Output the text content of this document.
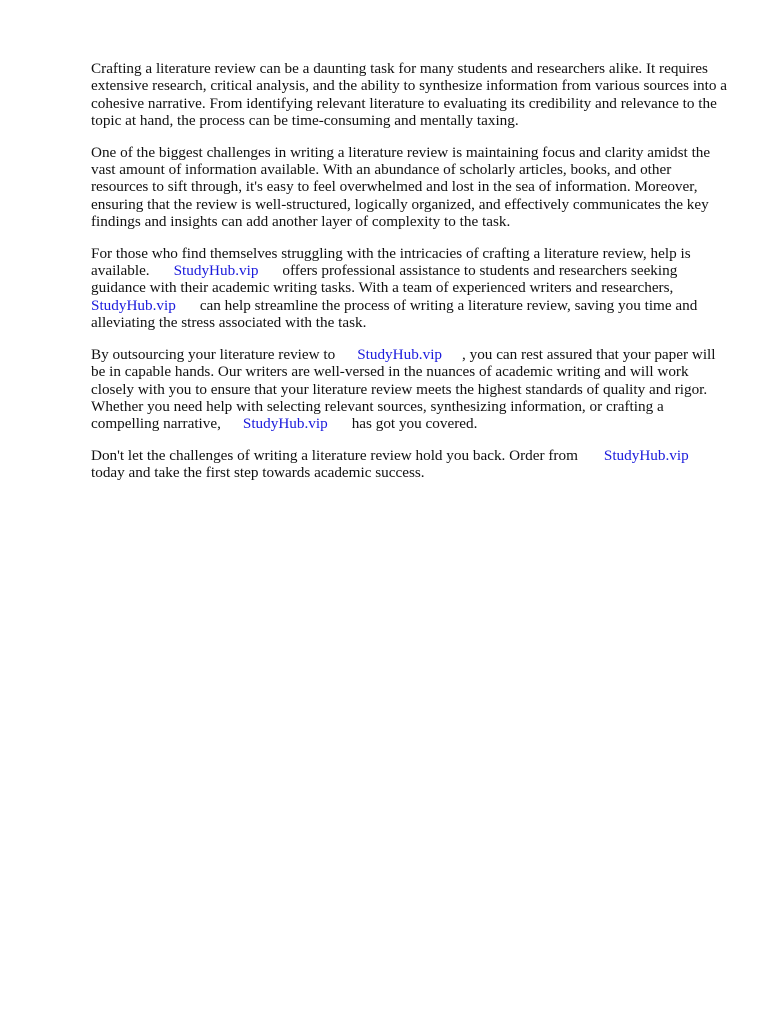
Crafting a literature review can be a daunting task for many students and researchers alike. It requires extensive research, critical analysis, and the ability to synthesize information from various sources into a cohesive narrative. From identifying relevant literature to evaluating its credibility and relevance to the topic at hand, the process can be time-consuming and mentally taxing.

One of the biggest challenges in writing a literature review is maintaining focus and clarity amidst the vast amount of information available. With an abundance of scholarly articles, books, and other resources to sift through, it's easy to feel overwhelmed and lost in the sea of information. Moreover, ensuring that the review is well-structured, logically organized, and effectively communicates the key findings and insights can add another layer of complexity to the task.

For those who find themselves struggling with the intricacies of crafting a literature review, help is available. StudyHub.vip offers professional assistance to students and researchers seeking guidance with their academic writing tasks. With a team of experienced writers and researchers, StudyHub.vip can help streamline the process of writing a literature review, saving you time and alleviating the stress associated with the task.

By outsourcing your literature review to StudyHub.vip , you can rest assured that your paper will be in capable hands. Our writers are well-versed in the nuances of academic writing and will work closely with you to ensure that your literature review meets the highest standards of quality and rigor. Whether you need help with selecting relevant sources, synthesizing information, or crafting a compelling narrative, StudyHub.vip has got you covered.

Don't let the challenges of writing a literature review hold you back. Order from StudyHub.viptoday and take the first step towards academic success.
